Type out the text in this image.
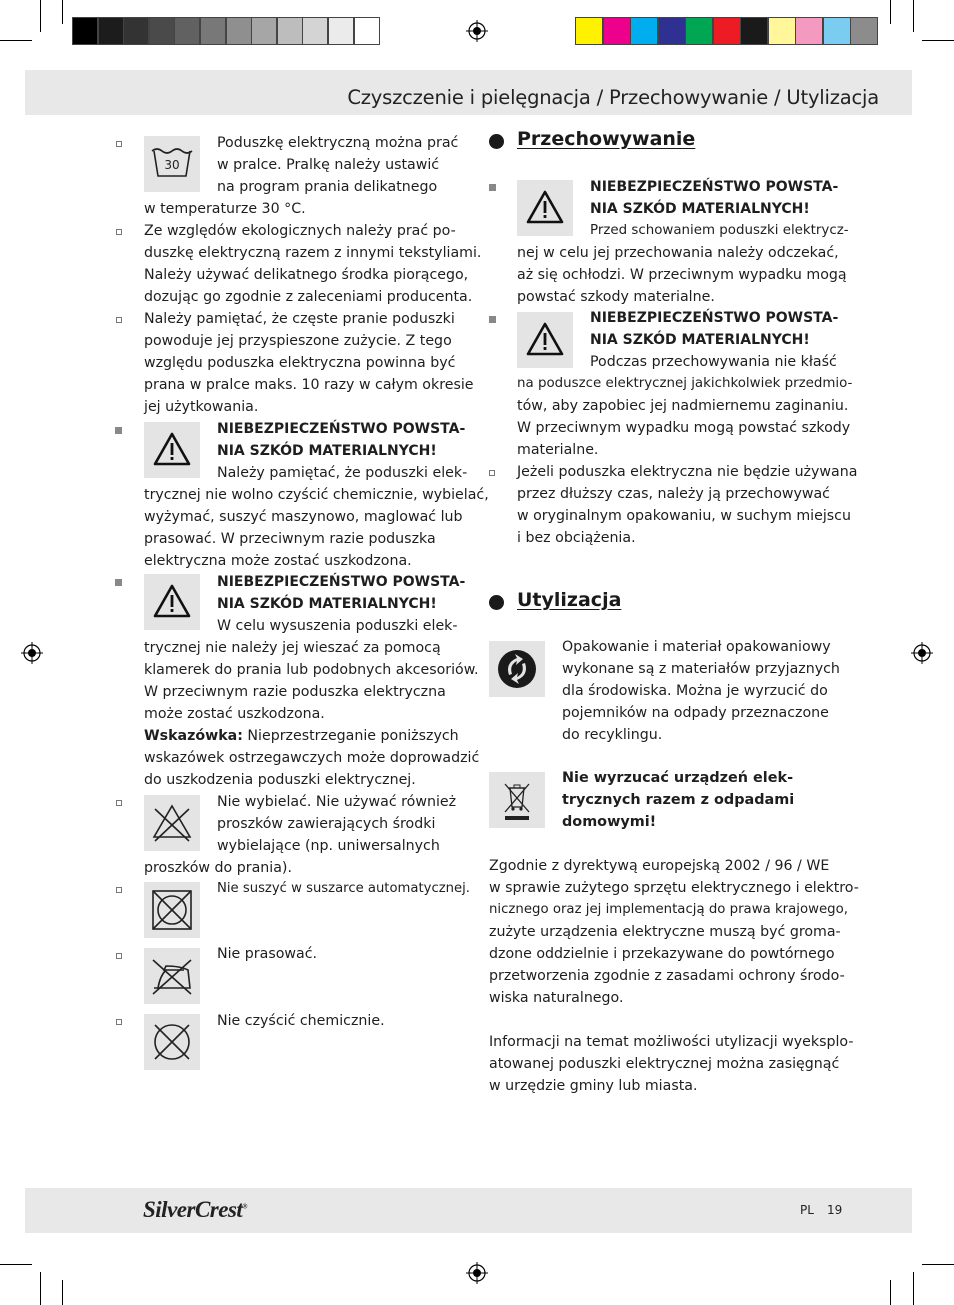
Czyszczenie i pielęgnacja / Przechowywanie / Utylizacja
30
Poduszkę elektryczną można prać
w pralce. Pralkę należy ustawić
na program prania delikatnego
w temperaturze 30 °C.
Ze względów ekologicznych należy prać po-
duszkę elektryczną razem z innymi tekstyliami.
Należy używać delikatnego środka piorącego,
dozując go zgodnie z zaleceniami producenta.
Należy pamiętać, że częste pranie poduszki
powoduje jej przyspieszone zużycie. Z tego
względu poduszka elektryczna powinna być
prana w pralce maks. 10 razy w całym okresie
jej użytkowania.
NIEBEZPIECZEŃSTWO POWSTA-
NIA SZKÓD MATERIALNYCH!
Należy pamiętać, że poduszki elek-
trycznej nie wolno czyścić chemicznie, wybielać,
wyżymać, suszyć maszynowo, maglować lub
prasować. W przeciwnym razie poduszka
elektryczna może zostać uszkodzona.
NIEBEZPIECZEŃSTWO POWSTA-
NIA SZKÓD MATERIALNYCH!
W celu wysuszenia poduszki elek-
trycznej nie należy jej wieszać za pomocą
klamerek do prania lub podobnych akcesoriów.
W przeciwnym razie poduszka elektryczna
może zostać uszkodzona.
Wskazówka: Nieprzestrzeganie poniższych
wskazówek ostrzegawczych może doprowadzić
do uszkodzenia poduszki elektrycznej.
Nie wybielać. Nie używać również
proszków zawierających środki
wybielające (np. uniwersalnych
proszków do prania).
Nie suszyć w suszarce automatycznej.
Nie prasować.
Nie czyścić chemicznie.
Przechowywanie
NIEBEZPIECZEŃSTWO POWSTA-
NIA SZKÓD MATERIALNYCH!
Przed schowaniem poduszki elektrycz-
nej w celu jej przechowania należy odczekać,
aż się ochłodzi. W przeciwnym wypadku mogą
powstać szkody materialne.
NIEBEZPIECZEŃSTWO POWSTA-
NIA SZKÓD MATERIALNYCH!
Podczas przechowywania nie kłaść
na poduszce elektrycznej jakichkolwiek przedmio-
tów, aby zapobiec jej nadmiernemu zaginaniu.
W przeciwnym wypadku mogą powstać szkody
materialne.
Jeżeli poduszka elektryczna nie będzie używana
przez dłuższy czas, należy ją przechowywać
w oryginalnym opakowaniu, w suchym miejscu
i bez obciążenia.
Utylizacja
Opakowanie i materiał opakowaniowy
wykonane są z materiałów przyjaznych
dla środowiska. Można je wyrzucić do
pojemników na odpady przeznaczone
do recyklingu.
Nie wyrzucać urządzeń elek-
trycznych razem z odpadami
domowymi!
Zgodnie z dyrektywą europejską 2002 / 96 / WE
w sprawie zużytego sprzętu elektrycznego i elektro-
nicznego oraz jej implementacją do prawa krajowego,
zużyte urządzenia elektryczne muszą być groma-
dzone oddzielnie i przekazywane do powtórnego
przetworzenia zgodnie z zasadami ochrony środo-
wiska naturalnego.
Informacji na temat możliwości utylizacji wyeksplo-
atowanej poduszki elektrycznej można zasięgnąć
w urzędzie gminy lub miasta.
SilverCrest®	PL 19
